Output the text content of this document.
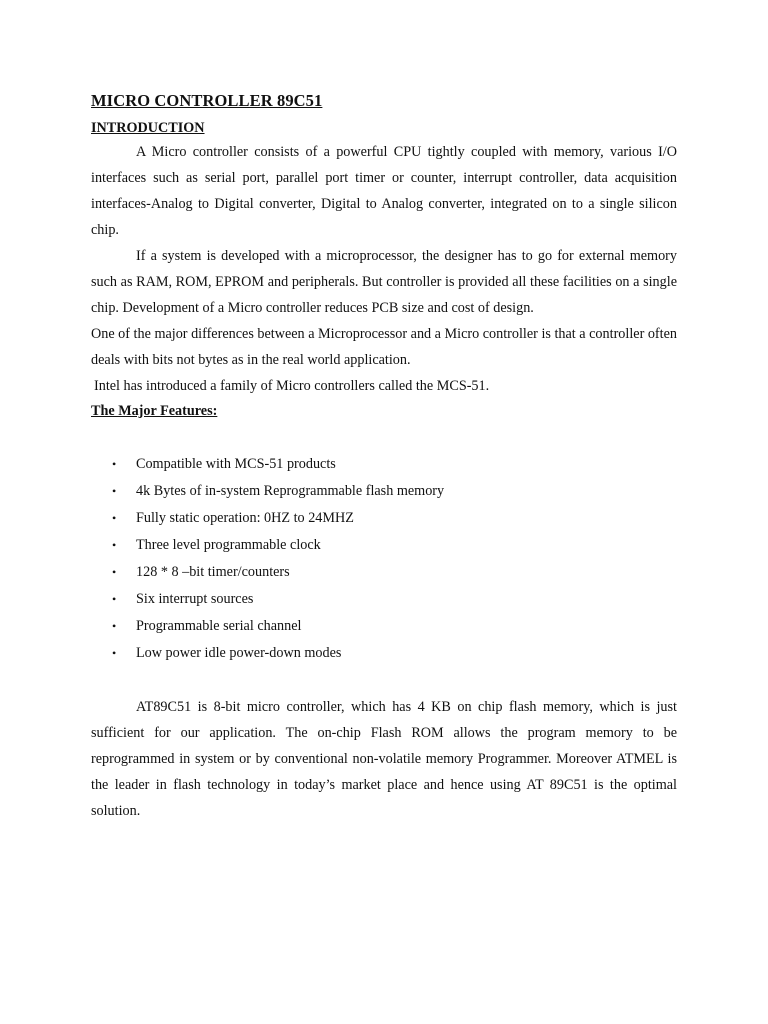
MICRO CONTROLLER 89C51
INTRODUCTION

A Micro controller consists of a powerful CPU tightly coupled with memory, various I/O interfaces such as serial port, parallel port timer or counter, interrupt controller, data acquisition interfaces-Analog to Digital converter, Digital to Analog converter, integrated on to a single silicon chip.

If a system is developed with a microprocessor, the designer has to go for external memory such as RAM, ROM, EPROM and peripherals. But controller is provided all these facilities on a single chip. Development of a Micro controller reduces PCB size and cost of design.

One of the major differences between a Microprocessor and a Micro controller is that a controller often deals with bits not bytes as in the real world application.

Intel has introduced a family of Micro controllers called the MCS-51.

The Major Features:
• Compatible with MCS-51 products
• 4k Bytes of in-system Reprogrammable flash memory
• Fully static operation: 0HZ to 24MHZ
• Three level programmable clock
• 128 * 8 –bit timer/counters
• Six interrupt sources
• Programmable serial channel
• Low power idle power-down modes

AT89C51 is 8-bit micro controller, which has 4 KB on chip flash memory, which is just sufficient for our application. The on-chip Flash ROM allows the program memory to be reprogrammed in system or by conventional non-volatile memory Programmer. Moreover ATMEL is the leader in flash technology in today’s market place and hence using AT 89C51 is the optimal solution.
